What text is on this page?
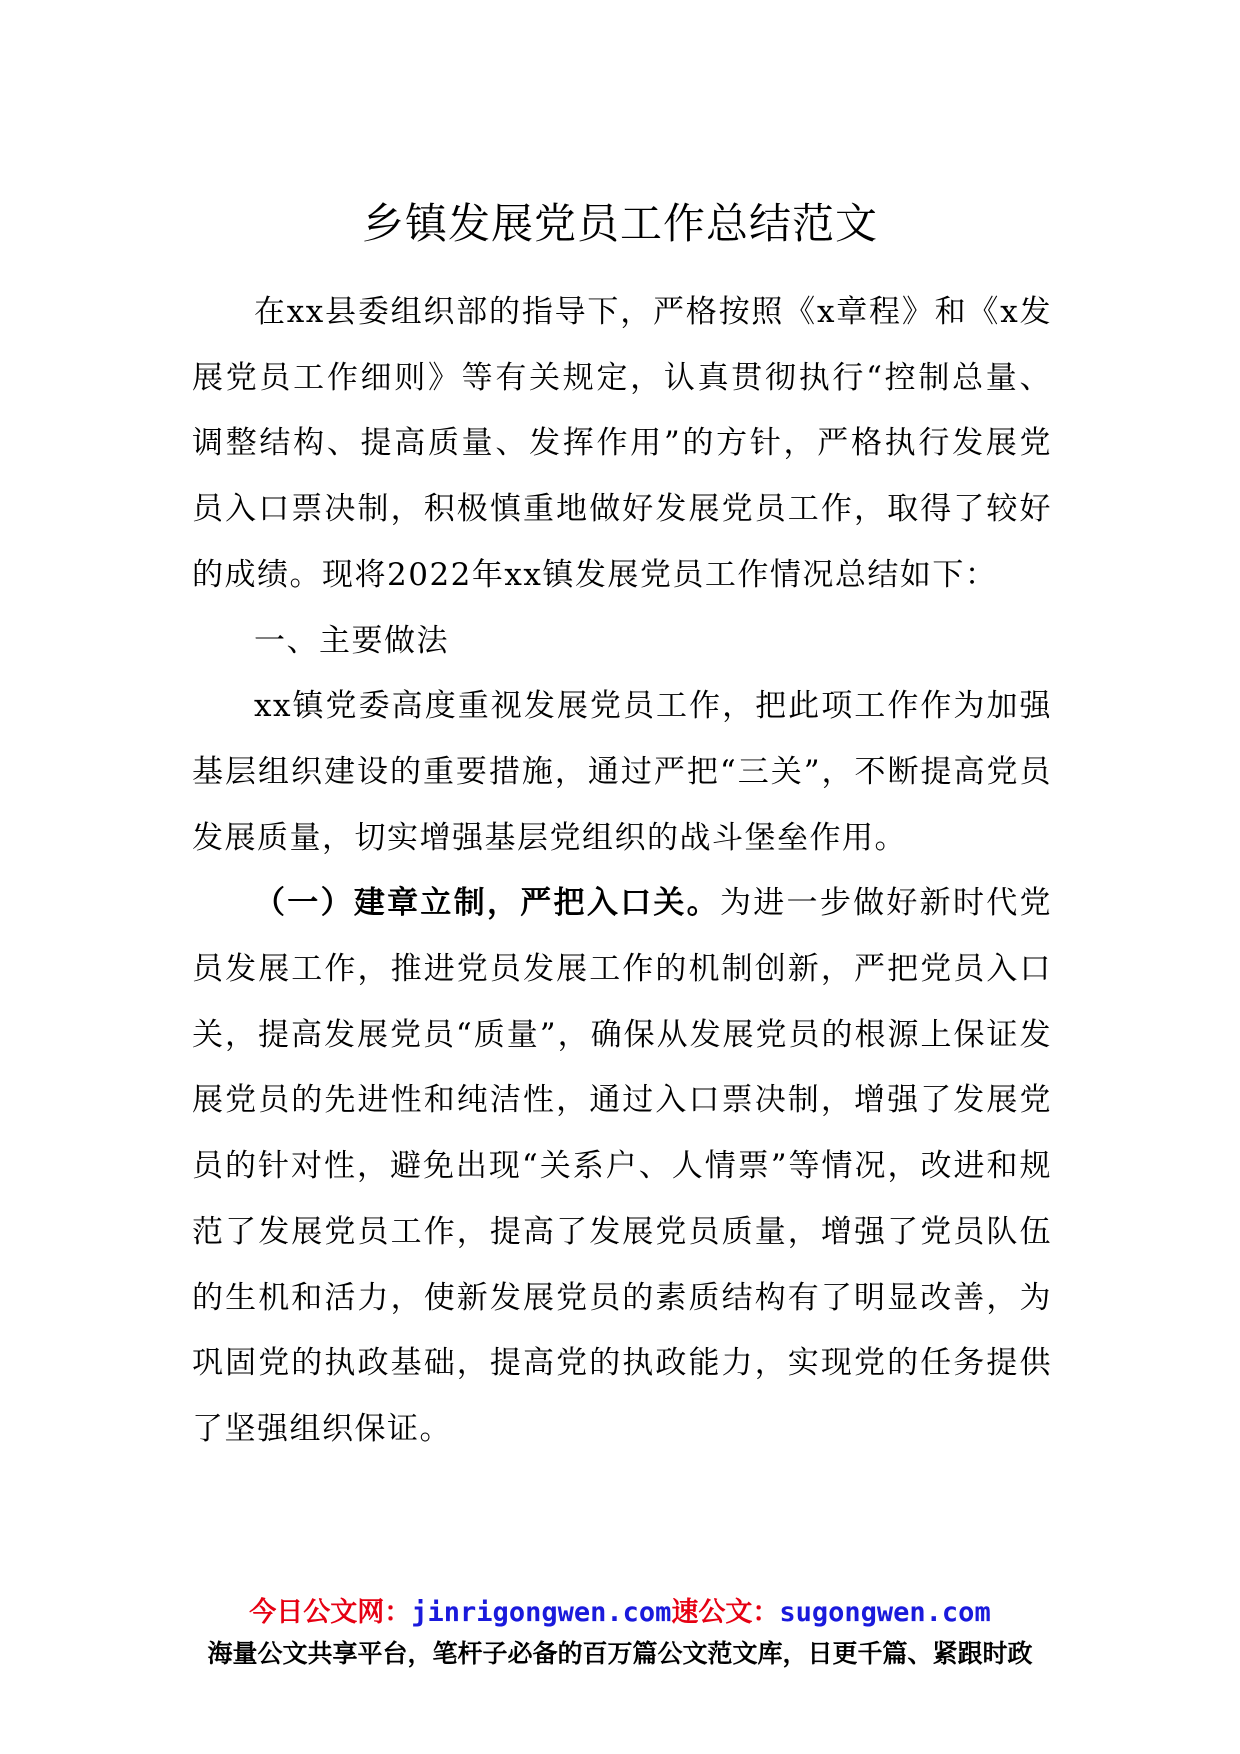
乡镇发展党员工作总结范文

在xx县委组织部的指导下，严格按照《x章程》和《x发展党员工作细则》等有关规定，认真贯彻执行“控制总量、调整结构、提高质量、发挥作用”的方针，严格执行发展党员入口票决制，积极慎重地做好发展党员工作，取得了较好的成绩。现将2022年xx镇发展党员工作情况总结如下：

一、主要做法

xx镇党委高度重视发展党员工作，把此项工作作为加强基层组织建设的重要措施，通过严把“三关”，不断提高党员发展质量，切实增强基层党组织的战斗堡垒作用。

（一）建章立制，严把入口关。为进一步做好新时代党员发展工作，推进党员发展工作的机制创新，严把党员入口关，提高发展党员“质量”，确保从发展党员的根源上保证发展党员的先进性和纯洁性，通过入口票决制，增强了发展党员的针对性，避免出现“关系户、人情票”等情况，改进和规范了发展党员工作，提高了发展党员质量，增强了党员队伍的生机和活力，使新发展党员的素质结构有了明显改善，为巩固党的执政基础，提高党的执政能力，实现党的任务提供了坚强组织保证。

今日公文网：jinrigongwen.com速公文：sugongwen.com
海量公文共享平台，笔杆子必备的百万篇公文范文库，日更千篇、紧跟时政
